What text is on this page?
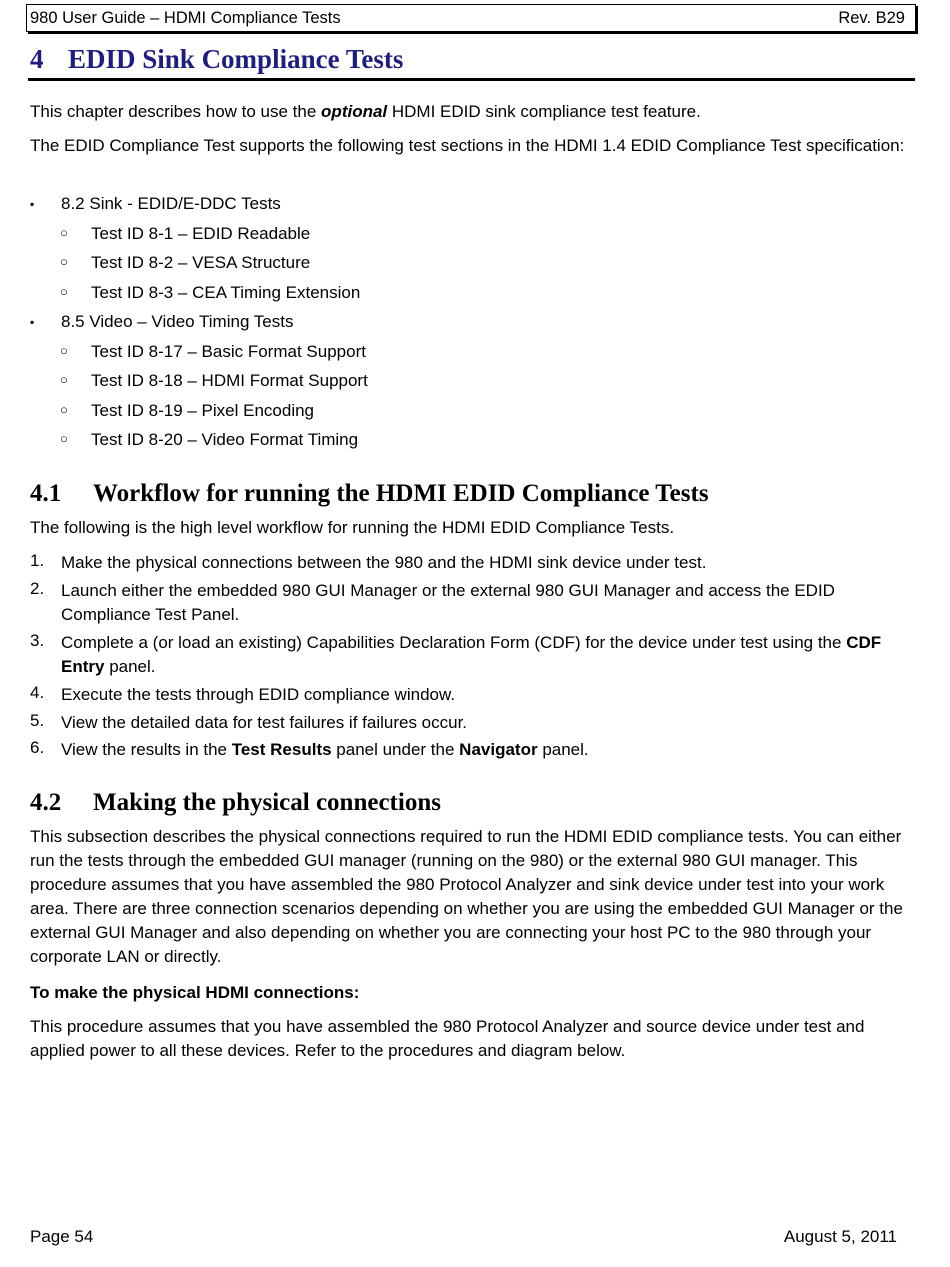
980 User Guide – HDMI Compliance Tests	Rev. B29
4 EDID Sink Compliance Tests

This chapter describes how to use the optional HDMI EDID sink compliance test feature.

The EDID Compliance Test supports the following test sections in the HDMI 1.4 EDID Compliance Test specification:

▪ 8.2 Sink - EDID/E-DDC Tests
○ Test ID 8-1 – EDID Readable
○ Test ID 8-2 – VESA Structure
○ Test ID 8-3 – CEA Timing Extension
▪ 8.5 Video – Video Timing Tests
○ Test ID 8-17 – Basic Format Support
○ Test ID 8-18 – HDMI Format Support
○ Test ID 8-19 – Pixel Encoding
○ Test ID 8-20 – Video Format Timing
4.1 Workflow for running the HDMI EDID Compliance Tests

The following is the high level workflow for running the HDMI EDID Compliance Tests.

1. Make the physical connections between the 980 and the HDMI sink device under test.
2. Launch either the embedded 980 GUI Manager or the external 980 GUI Manager and access the EDID Compliance Test Panel.
3. Complete a (or load an existing) Capabilities Declaration Form (CDF) for the device under test using the CDF Entry panel.
4. Execute the tests through EDID compliance window.
5. View the detailed data for test failures if failures occur.
6. View the results in the Test Results panel under the Navigator panel.
4.2 Making the physical connections

This subsection describes the physical connections required to run the HDMI EDID compliance tests. You can either run the tests through the embedded GUI manager (running on the 980) or the external 980 GUI manager. This procedure assumes that you have assembled the 980 Protocol Analyzer and sink device under test into your work area. There are three connection scenarios depending on whether you are using the embedded GUI Manager or the external GUI Manager and also depending on whether you are connecting your host PC to the 980 through your corporate LAN or directly.

To make the physical HDMI connections:

This procedure assumes that you have assembled the 980 Protocol Analyzer and source device under test and applied power to all these devices. Refer to the procedures and diagram below.

Page 54	August 5, 2011
